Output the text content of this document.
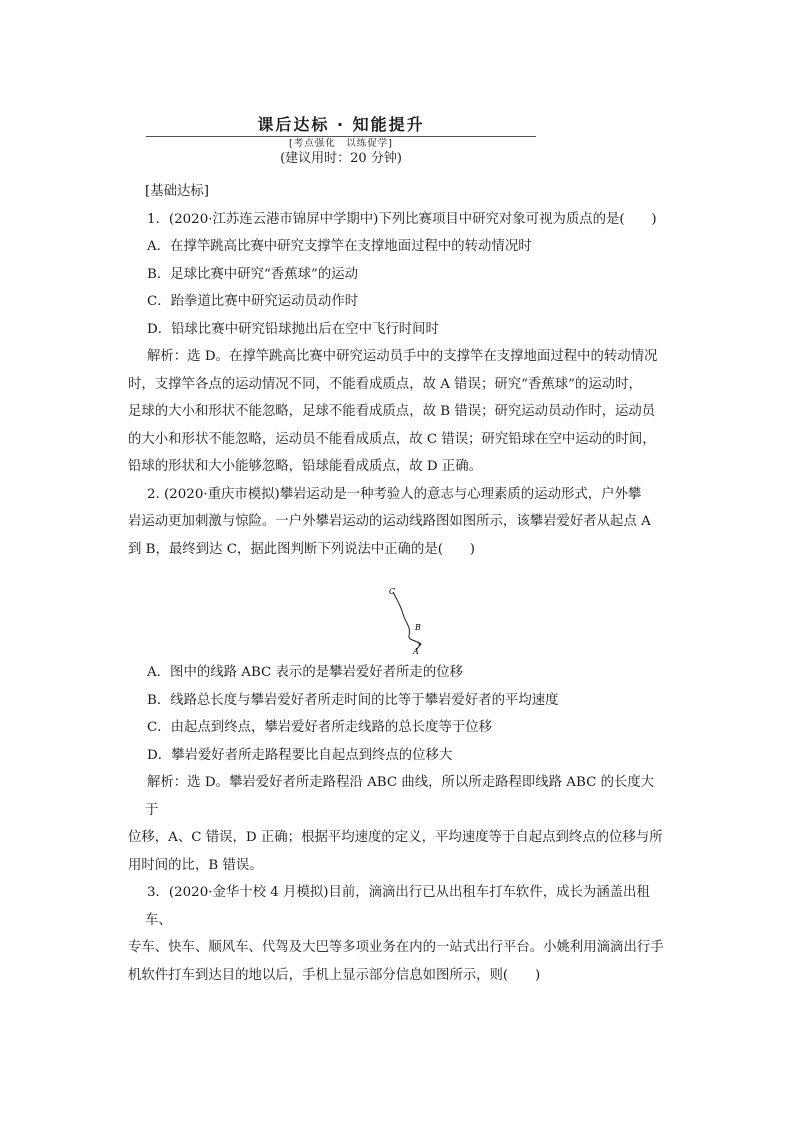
课后达标 · 知能提升
[考点强化　以练促学]
(建议用时：20 分钟)

[基础达标]

1．(2020·江苏连云港市锦屏中学期中)下列比赛项目中研究对象可视为质点的是(　　)

A．在撑竿跳高比赛中研究支撑竿在支撑地面过程中的转动情况时

B．足球比赛中研究“香蕉球”的运动

C．跆拳道比赛中研究运动员动作时

D．铅球比赛中研究铅球抛出后在空中飞行时间时

解析：选 D。在撑竿跳高比赛中研究运动员手中的支撑竿在支撑地面过程中的转动情况

时，支撑竿各点的运动情况不同，不能看成质点，故 A 错误；研究“香蕉球”的运动时，

足球的大小和形状不能忽略，足球不能看成质点，故 B 错误；研究运动员动作时，运动员

的大小和形状不能忽略，运动员不能看成质点，故 C 错误；研究铅球在空中运动的时间，

铅球的形状和大小能够忽略，铅球能看成质点，故 D 正确。

2. (2020·重庆市模拟)攀岩运动是一种考验人的意志与心理素质的运动形式，户外攀

岩运动更加刺激与惊险。一户外攀岩运动的运动线路图如图所示，该攀岩爱好者从起点 A

到 B，最终到达 C，据此图判断下列说法中正确的是(　　)

A．图中的线路 ABC 表示的是攀岩爱好者所走的位移

B．线路总长度与攀岩爱好者所走时间的比等于攀岩爱好者的平均速度

C．由起点到终点，攀岩爱好者所走线路的总长度等于位移

D．攀岩爱好者所走路程要比自起点到终点的位移大

解析：选 D。攀岩爱好者所走路程沿 ABC 曲线，所以所走路程即线路 ABC 的长度大于

位移，A、C 错误，D 正确；根据平均速度的定义，平均速度等于自起点到终点的位移与所

用时间的比，B 错误。

3．(2020·金华十校 4 月模拟)目前，滴滴出行已从出租车打车软件，成长为涵盖出租车、

专车、快车、顺风车、代驾及大巴等多项业务在内的一站式出行平台。小姚利用滴滴出行手

机软件打车到达目的地以后，手机上显示部分信息如图所示，则(　　)

C
B
A
